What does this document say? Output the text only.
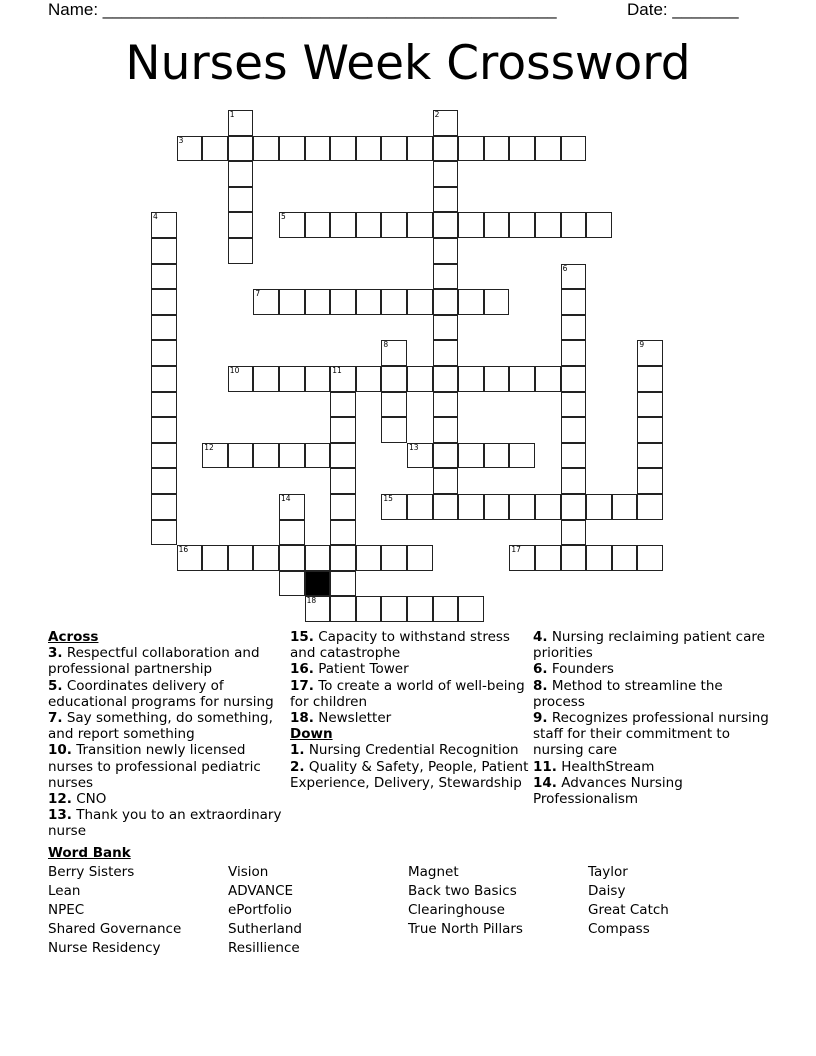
Name: ________________________________________________	Date: _______
Nurses Week Crossword
1	2
3
4	5
6
7
8	9
10	11
12	13
14	15
16	17
18
Across
3. Respectful collaboration and professional partnership
5. Coordinates delivery of educational programs for nursing
7. Say something, do something, and report something
10. Transition newly licensed nurses to professional pediatric nurses
12. CNO
13. Thank you to an extraordinary nurse
15. Capacity to withstand stress and catastrophe
16. Patient Tower
17. To create a world of well-being for children
18. Newsletter
Down
1. Nursing Credential Recognition
2. Quality & Safety, People, Patient Experience, Delivery, Stewardship
4. Nursing reclaiming patient care priorities
6. Founders
8. Method to streamline the process
9. Recognizes professional nursing staff for their commitment to nursing care
11. HealthStream
14. Advances Nursing Professionalism
Word Bank
Berry Sisters
Lean
NPEC
Shared Governance
Nurse Residency
Vision
ADVANCE
ePortfolio
Sutherland
Resillience
Magnet
Back two Basics
Clearinghouse
True North Pillars
Taylor
Daisy
Great Catch
Compass
